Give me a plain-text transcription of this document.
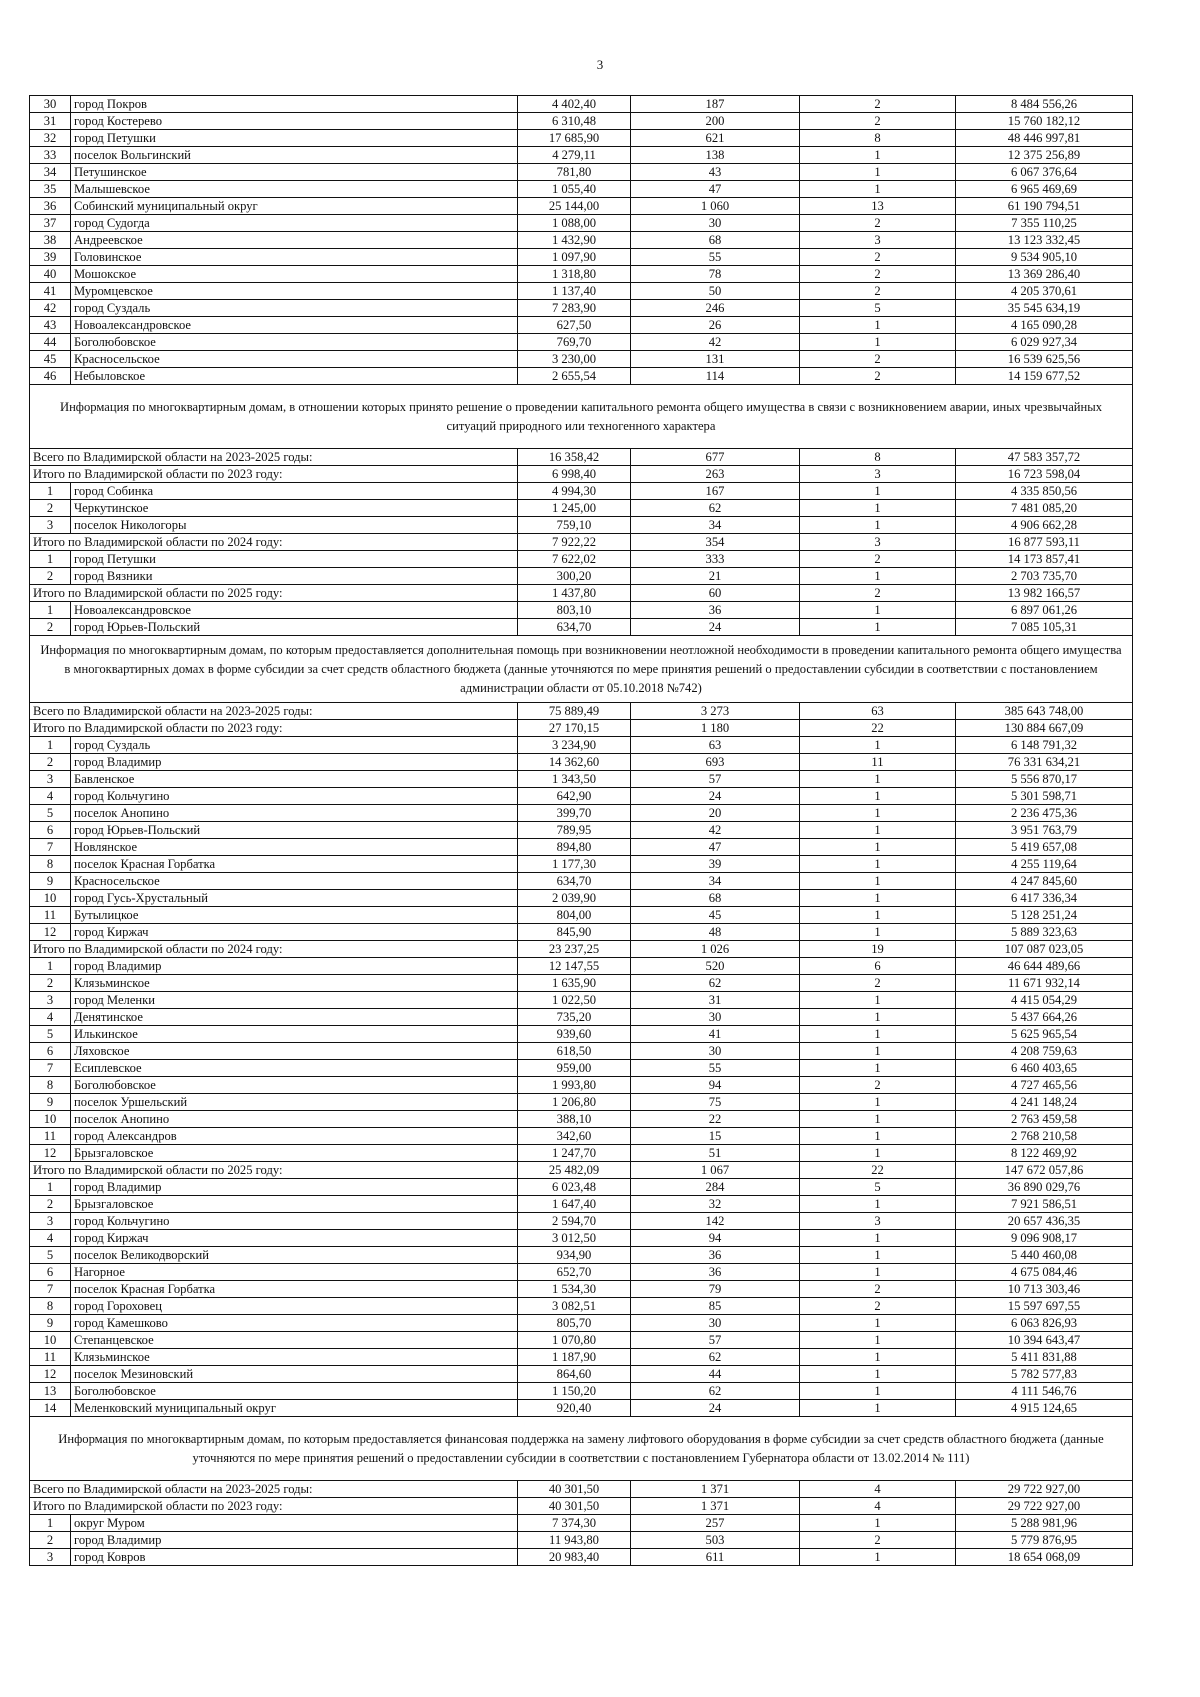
3
30	город Покров	4 402,40	187	2	8 484 556,26
31	город Костерево	6 310,48	200	2	15 760 182,12
32	город Петушки	17 685,90	621	8	48 446 997,81
33	поселок Вольгинский	4 279,11	138	1	12 375 256,89
34	Петушинское	781,80	43	1	6 067 376,64
35	Малышевское	1 055,40	47	1	6 965 469,69
36	Собинский муниципальный округ	25 144,00	1 060	13	61 190 794,51
37	город Судогда	1 088,00	30	2	7 355 110,25
38	Андреевское	1 432,90	68	3	13 123 332,45
39	Головинское	1 097,90	55	2	9 534 905,10
40	Мошокское	1 318,80	78	2	13 369 286,40
41	Муромцевское	1 137,40	50	2	4 205 370,61
42	город Суздаль	7 283,90	246	5	35 545 634,19
43	Новоалександровское	627,50	26	1	4 165 090,28
44	Боголюбовское	769,70	42	1	6 029 927,34
45	Красносельское	3 230,00	131	2	16 539 625,56
46	Небыловское	2 655,54	114	2	14 159 677,52
Информация по многоквартирным домам, в отношении которых принято решение о проведении капитального ремонта общего имущества в связи с возникновением аварии, иных чрезвычайных ситуаций природного или техногенного характера					
Всего по Владимирской области на 2023-2025 годы:		16 358,42	677	8	47 583 357,72
Итого по Владимирской области по 2023 году:		6 998,40	263	3	16 723 598,04
1	город Собинка	4 994,30	167	1	4 335 850,56
2	Черкутинское	1 245,00	62	1	7 481 085,20
3	поселок Никологоры	759,10	34	1	4 906 662,28
Итого по Владимирской области по 2024 году:		7 922,22	354	3	16 877 593,11
1	город Петушки	7 622,02	333	2	14 173 857,41
2	город Вязники	300,20	21	1	2 703 735,70
Итого по Владимирской области по 2025 году:		1 437,80	60	2	13 982 166,57
1	Новоалександровское	803,10	36	1	6 897 061,26
2	город Юрьев-Польский	634,70	24	1	7 085 105,31
Информация по многоквартирным домам, по которым предоставляется дополнительная помощь при возникновении неотложной необходимости в проведении капитального ремонта общего имущества в многоквартирных домах в форме субсидии за счет средств областного бюджета (данные уточняются по мере принятия решений о предоставлении субсидии в соответствии с постановлением администрации области от 05.10.2018 №742)					
Всего по Владимирской области на 2023-2025 годы:		75 889,49	3 273	63	385 643 748,00
Итого по Владимирской области по 2023 году:		27 170,15	1 180	22	130 884 667,09
1	город Суздаль	3 234,90	63	1	6 148 791,32
2	город Владимир	14 362,60	693	11	76 331 634,21
3	Бавленское	1 343,50	57	1	5 556 870,17
4	город Кольчугино	642,90	24	1	5 301 598,71
5	поселок Анопино	399,70	20	1	2 236 475,36
6	город Юрьев-Польский	789,95	42	1	3 951 763,79
7	Новлянское	894,80	47	1	5 419 657,08
8	поселок Красная Горбатка	1 177,30	39	1	4 255 119,64
9	Красносельское	634,70	34	1	4 247 845,60
10	город Гусь-Хрустальный	2 039,90	68	1	6 417 336,34
11	Бутылицкое	804,00	45	1	5 128 251,24
12	город Киржач	845,90	48	1	5 889 323,63
Итого по Владимирской области по 2024 году:		23 237,25	1 026	19	107 087 023,05
1	город Владимир	12 147,55	520	6	46 644 489,66
2	Клязьминское	1 635,90	62	2	11 671 932,14
3	город Меленки	1 022,50	31	1	4 415 054,29
4	Денятинское	735,20	30	1	5 437 664,26
5	Илькинское	939,60	41	1	5 625 965,54
6	Ляховское	618,50	30	1	4 208 759,63
7	Есиплевское	959,00	55	1	6 460 403,65
8	Боголюбовское	1 993,80	94	2	4 727 465,56
9	поселок Уршельский	1 206,80	75	1	4 241 148,24
10	поселок Анопино	388,10	22	1	2 763 459,58
11	город Александров	342,60	15	1	2 768 210,58
12	Брызгаловское	1 247,70	51	1	8 122 469,92
Итого по Владимирской области по 2025 году:		25 482,09	1 067	22	147 672 057,86
1	город Владимир	6 023,48	284	5	36 890 029,76
2	Брызгаловское	1 647,40	32	1	7 921 586,51
3	город Кольчугино	2 594,70	142	3	20 657 436,35
4	город Киржач	3 012,50	94	1	9 096 908,17
5	поселок Великодворский	934,90	36	1	5 440 460,08
6	Нагорное	652,70	36	1	4 675 084,46
7	поселок Красная Горбатка	1 534,30	79	2	10 713 303,46
8	город Гороховец	3 082,51	85	2	15 597 697,55
9	город Камешково	805,70	30	1	6 063 826,93
10	Степанцевское	1 070,80	57	1	10 394 643,47
11	Клязьминское	1 187,90	62	1	5 411 831,88
12	поселок Мезиновский	864,60	44	1	5 782 577,83
13	Боголюбовское	1 150,20	62	1	4 111 546,76
14	Меленковский муниципальный округ	920,40	24	1	4 915 124,65
Информация по многоквартирным домам, по которым предоставляется финансовая поддержка на замену лифтового оборудования в форме субсидии за счет средств областного бюджета (данные уточняются по мере принятия решений о предоставлении субсидии в соответствии с постановлением Губернатора области от 13.02.2014 № 111)					
Всего по Владимирской области на 2023-2025 годы:		40 301,50	1 371	4	29 722 927,00
Итого по Владимирской области по 2023 году:		40 301,50	1 371	4	29 722 927,00
1	округ Муром	7 374,30	257	1	5 288 981,96
2	город Владимир	11 943,80	503	2	5 779 876,95
3	город Ковров	20 983,40	611	1	18 654 068,09
